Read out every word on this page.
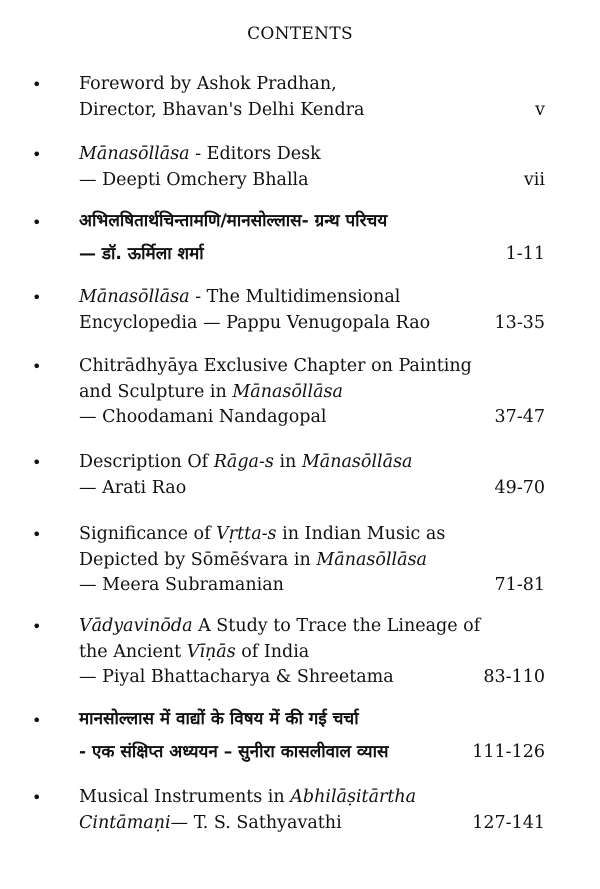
CONTENTS
• Foreword by Ashok Pradhan,
Director, Bhavan's Delhi Kendra	v
• Mānasōllāsa - Editors Desk
— Deepti Omchery Bhalla	vii
• अभिलषितार्थचिन्तामणि/मानसोल्लास- ग्रन्थ परिचय
— डॉ. ऊर्मिला शर्मा	1-11
• Mānasōllāsa - The Multidimensional
Encyclopedia — Pappu Venugopala Rao	13-35
• Chitrādhyāya Exclusive Chapter on Painting
and Sculpture in Mānasōllāsa
— Choodamani Nandagopal	37-47
• Description Of Rāga-s in Mānasōllāsa
— Arati Rao	49-70
• Significance of Vṛtta-s in Indian Music as
Depicted by Sōmēśvara in Mānasōllāsa
— Meera Subramanian	71-81
• Vādyavinōda A Study to Trace the Lineage of
the Ancient Vīṇās of India
— Piyal Bhattacharya & Shreetama	83-110
• मानसोल्लास में वाद्यों के विषय में की गई चर्चा
- एक संक्षिप्त अध्ययन – सुनीरा कासलीवाल व्यास	111-126
• Musical Instruments in Abhilāṣitārtha
Cintāmaṇi— T. S. Sathyavathi	127-141
